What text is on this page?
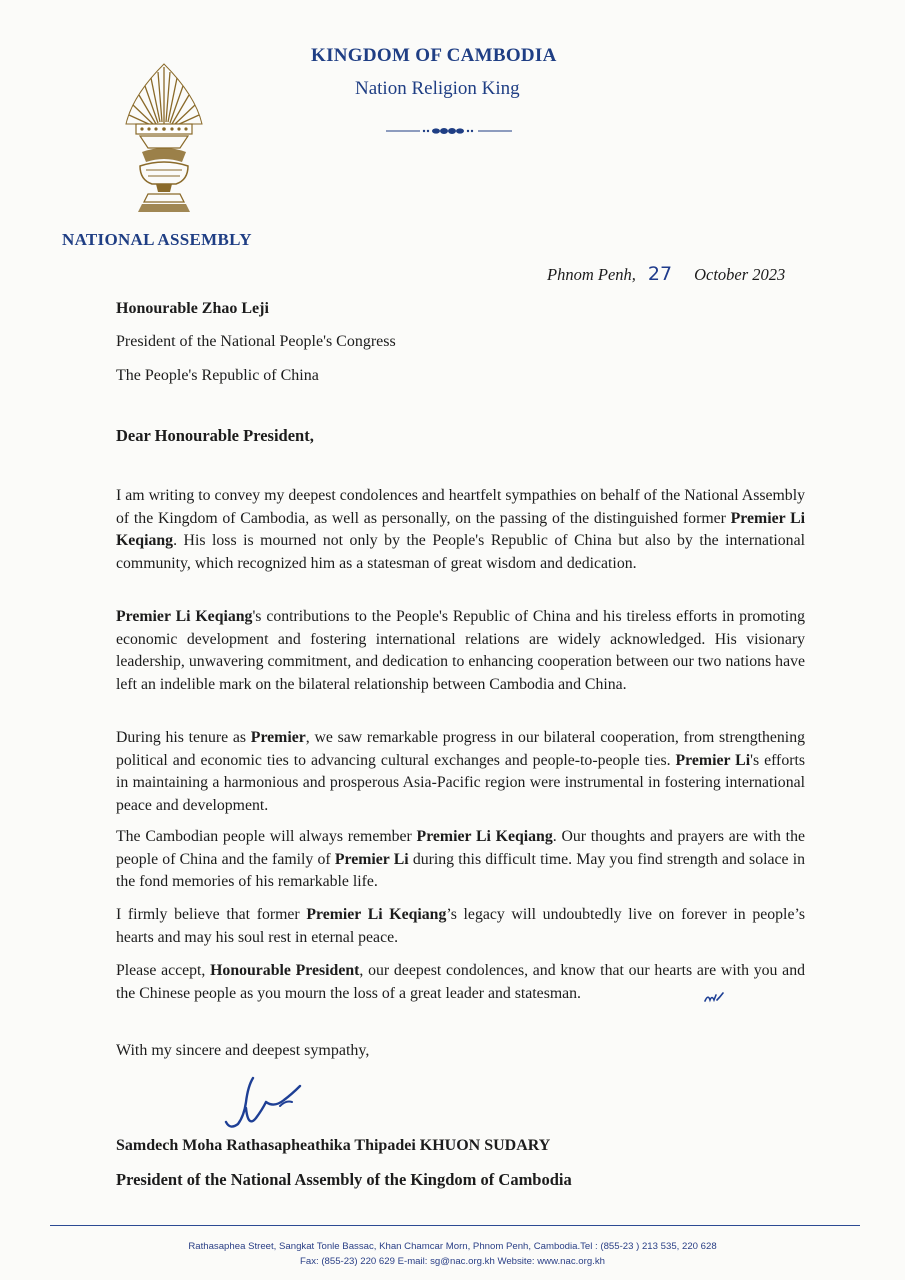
KINGDOM OF CAMBODIA
Nation Religion King
NATIONAL ASSEMBLY
Phnom Penh, 27 October 2023
Honourable Zhao Leji
President of the National People's Congress
The People's Republic of China
Dear Honourable President,

I am writing to convey my deepest condolences and heartfelt sympathies on behalf of the National Assembly of the Kingdom of Cambodia, as well as personally, on the passing of the distinguished former Premier Li Keqiang. His loss is mourned not only by the People's Republic of China but also by the international community, which recognized him as a statesman of great wisdom and dedication.

Premier Li Keqiang's contributions to the People's Republic of China and his tireless efforts in promoting economic development and fostering international relations are widely acknowledged. His visionary leadership, unwavering commitment, and dedication to enhancing cooperation between our two nations have left an indelible mark on the bilateral relationship between Cambodia and China.

During his tenure as Premier, we saw remarkable progress in our bilateral cooperation, from strengthening political and economic ties to advancing cultural exchanges and people-to-people ties. Premier Li's efforts in maintaining a harmonious and prosperous Asia-Pacific region were instrumental in fostering international peace and development.

The Cambodian people will always remember Premier Li Keqiang. Our thoughts and prayers are with the people of China and the family of Premier Li during this difficult time. May you find strength and solace in the fond memories of his remarkable life.

I firmly believe that former Premier Li Keqiang’s legacy will undoubtedly live on forever in people’s hearts and may his soul rest in eternal peace.

Please accept, Honourable President, our deepest condolences, and know that our hearts are with you and the Chinese people as you mourn the loss of a great leader and statesman.

With my sincere and deepest sympathy,
Samdech Moha Rathasapheathika Thipadei KHUON SUDARY
President of the National Assembly of the Kingdom of Cambodia
Rathasaphea Street, Sangkat Tonle Bassac, Khan Chamcar Morn, Phnom Penh, Cambodia.Tel : (855-23 ) 213 535, 220 628
Fax: (855-23) 220 629 E-mail: sg@nac.org.kh Website: www.nac.org.kh
